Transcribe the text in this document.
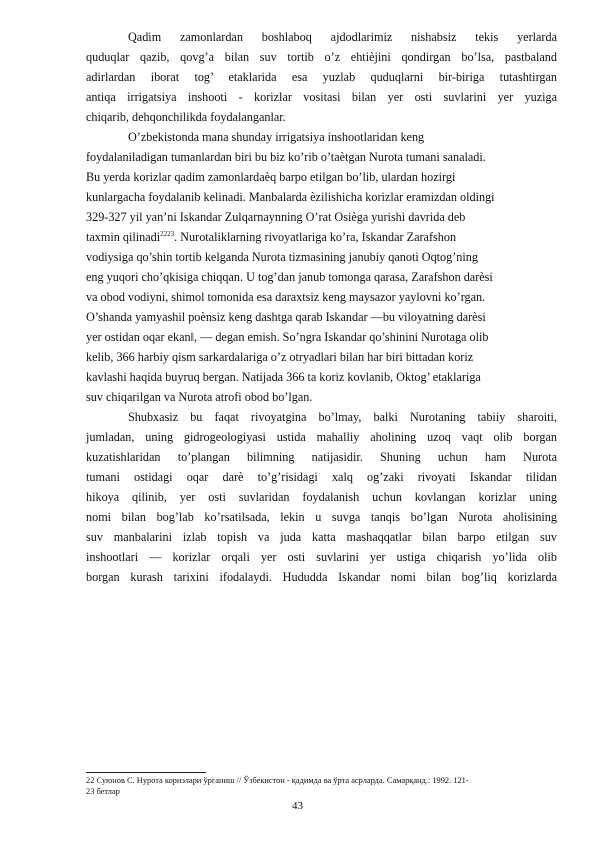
Qadim zamonlardan boshlaboq ajdodlarimiz nishabsiz tekis yerlarda
quduqlar qazib, qovg’a bilan suv tortib o’z ehtiѐjini qondirgan bo’lsa, pastbaland
adirlardan iborat tog’ etaklarida esa yuzlab quduqlarni bir-biriga tutashtirgan
antiqa irrigatsiya inshooti - korizlar vositasi bilan yer osti suvlarini yer yuziga
chiqarib, dehqonchilikda foydalanganlar.
O’zbekistonda mana shunday irrigatsiya inshootlaridan keng
foydalaniladigan tumanlardan biri bu biz ko’rib o’taѐtgan Nurota tumani sanaladi.
Bu yerda korizlar qadim zamonlardaѐq barpo etilgan bo’lib, ulardan hozirgi
kunlargacha foydalanib kelinadi. Manbalarda ѐzilishicha korizlar eramizdan oldingi
329-327 yil yan’ni Iskandar Zulqarnaynning O’rat Osiѐga yurishi davrida deb
taxmin qilinadi$^{2223}$. Nurotaliklarning rivoyatlariga ko’ra, Iskandar Zarafshon
vodiysiga qo’shin tortib kelganda Nurota tizmasining janubiy qanoti Oqtog’ning
eng yuqori cho’qkisiga chiqqan. U tog’dan janub tomonga qarasa, Zarafshon darѐsi
va obod vodiyni, shimol tomonida esa daraxtsiz keng maysazor yaylovni ko’rgan.
O’shanda yamyashil poѐnsiz keng dashtga qarab Iskandar ―bu viloyatning darѐsi
yer ostidan oqar ekan‖, ― degan emish. So’ngra Iskandar qo’shinini Nurotaga olib
kelib, 366 harbiy qism sarkardalariga o’z otryadlari bilan har biri bittadan koriz
kavlashi haqida buyruq bergan. Natijada 366 ta koriz kovlanib, Oktog’ etaklariga
suv chiqarilgan va Nurota atrofi obod bo’lgan.
Shubxasiz bu faqat rivoyatgina bo’lmay, balki Nurotaning tabiiy sharoiti,
jumladan, uning gidrogeologiyasi ustida mahalliy aholining uzoq vaqt olib borgan
kuzatishlaridan to’plangan bilimning natijasidir. Shuning uchun ham Nurota
tumani ostidagi oqar darѐ to’g’risidagi xalq og’zaki rivoyati Iskandar tilidan
hikoya qilinib, yer osti suvlaridan foydalanish uchun kovlangan korizlar uning
nomi bilan bog’lab ko’rsatilsada, lekin u suvga tanqis bo’lgan Nurota aholisining
suv manbalarini izlab topish va juda katta mashaqqatlar bilan barpo etilgan suv
inshootlari ― korizlar orqali yer osti suvlarini yer ustiga chiqarish yo’lida olib
borgan kurash tarixini ifodalaydi. Hududda Iskandar nomi bilan bog’liq korizlarda
22 Суюнов С. Нурота кориэлари ўрганиш // Ўзбекистон - қадимда ва ўрта асрларда. Самарқанд.: 1992. 121-
23 бетлар
43
